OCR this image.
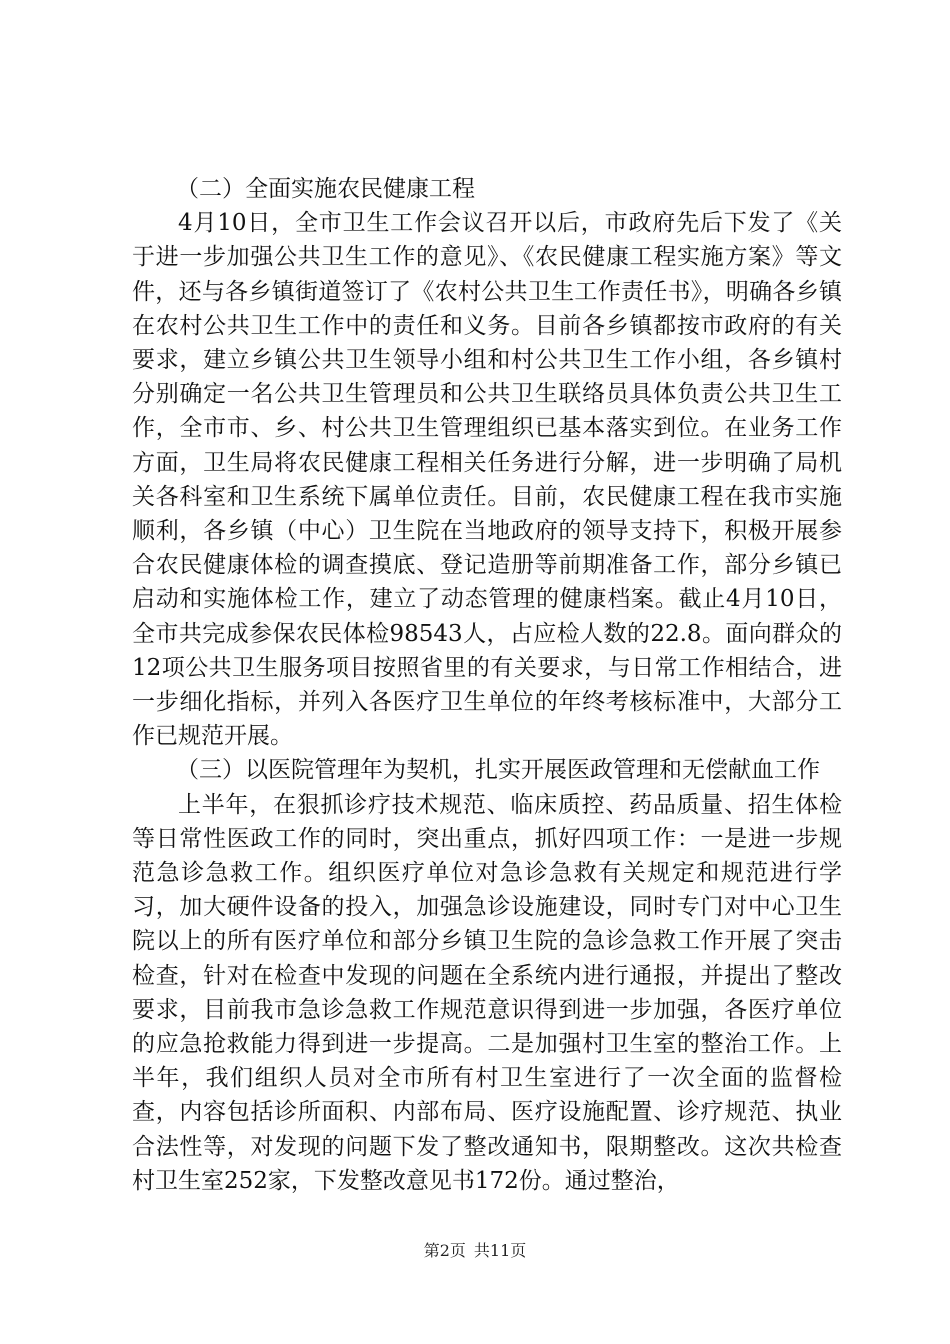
（二）全面实施农民健康工程

4月10日，全市卫生工作会议召开以后，市政府先后下发了《关于进一步加强公共卫生工作的意见》、《农民健康工程实施方案》等文件，还与各乡镇街道签订了《农村公共卫生工作责任书》，明确各乡镇在农村公共卫生工作中的责任和义务。目前各乡镇都按市政府的有关要求，建立乡镇公共卫生领导小组和村公共卫生工作小组，各乡镇村分别确定一名公共卫生管理员和公共卫生联络员具体负责公共卫生工作，全市市、乡、村公共卫生管理组织已基本落实到位。在业务工作方面，卫生局将农民健康工程相关任务进行分解，进一步明确了局机关各科室和卫生系统下属单位责任。目前，农民健康工程在我市实施顺利，各乡镇（中心）卫生院在当地政府的领导支持下，积极开展参合农民健康体检的调查摸底、登记造册等前期准备工作，部分乡镇已启动和实施体检工作，建立了动态管理的健康档案。截止4月10日，全市共完成参保农民体检98543人，占应检人数的22.8。面向群众的12项公共卫生服务项目按照省里的有关要求，与日常工作相结合，进一步细化指标，并列入各医疗卫生单位的年终考核标准中，大部分工作已规范开展。

（三）以医院管理年为契机，扎实开展医政管理和无偿献血工作

上半年，在狠抓诊疗技术规范、临床质控、药品质量、招生体检等日常性医政工作的同时，突出重点，抓好四项工作：一是进一步规范急诊急救工作。组织医疗单位对急诊急救有关规定和规范进行学习，加大硬件设备的投入，加强急诊设施建设，同时专门对中心卫生院以上的所有医疗单位和部分乡镇卫生院的急诊急救工作开展了突击检查，针对在检查中发现的问题在全系统内进行通报，并提出了整改要求，目前我市急诊急救工作规范意识得到进一步加强，各医疗单位的应急抢救能力得到进一步提高。二是加强村卫生室的整治工作。上半年，我们组织人员对全市所有村卫生室进行了一次全面的监督检查，内容包括诊所面积、内部布局、医疗设施配置、诊疗规范、执业合法性等，对发现的问题下发了整改通知书，限期整改。这次共检查村卫生室252家，下发整改意见书172份。通过整治，

第2页 共11页
